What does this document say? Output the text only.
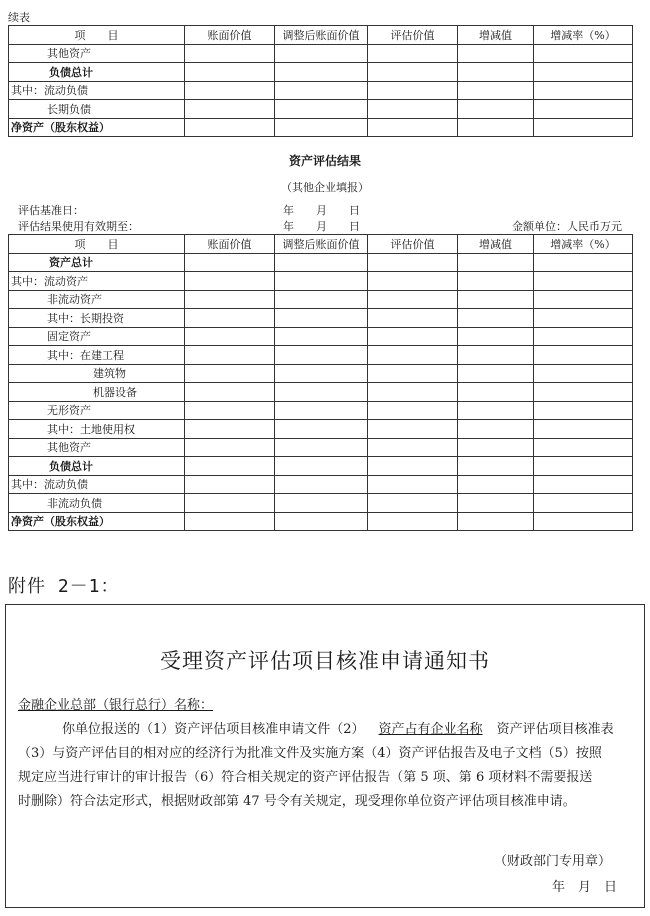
续表
项　　目	账面价值	调整后账面价值	评估价值	增减值	增减率（%）
其他资产					
负债总计					
其中：流动负债					
长期负债					
净资产（股东权益）					
资产评估结果
（其他企业填报）
评估基准日：	年　　月　　日
评估结果使用有效期至：	年　　月　　日	金额单位：人民币万元
项　　目	账面价值	调整后账面价值	评估价值	增减值	增减率（%）
资产总计					
其中：流动资产					
非流动资产					
其中：长期投资					
固定资产					
其中：在建工程					
建筑物					
机器设备					
无形资产					
其中：土地使用权					
其他资产					
负债总计					
其中：流动负债					
非流动负债					
净资产（股东权益）					
附件 2－1：
受理资产评估项目核准申请通知书
金融企业总部（银行总行）名称：
你单位报送的（1）资产评估项目核准申请文件（2） 资产占有企业名称 资产评估项目核准表
（3）与资产评估目的相对应的经济行为批准文件及实施方案（4）资产评估报告及电子文档（5）按照
规定应当进行审计的审计报告（6）符合相关规定的资产评估报告（第 5 项、第 6 项材料不需要报送
时删除）符合法定形式，根据财政部第 47 号令有关规定，现受理你单位资产评估项目核准申请。
（财政部门专用章）
年　月　日
